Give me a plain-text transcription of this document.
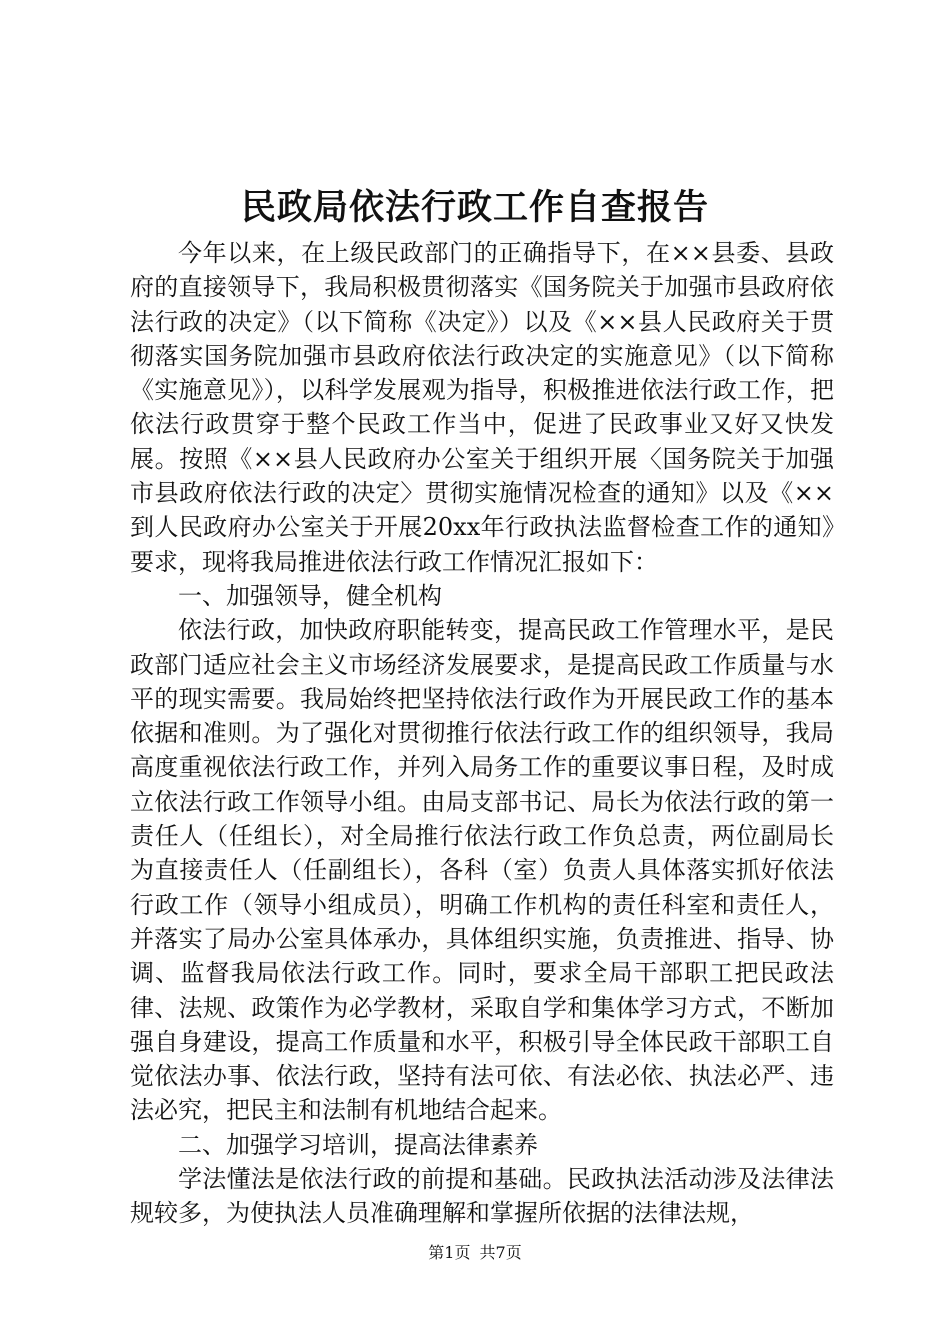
民政局依法行政工作自查报告

今年以来，在上级民政部门的正确指导下，在××县委、县政府的直接领导下，我局积极贯彻落实《国务院关于加强市县政府依法行政的决定》（以下简称《决定》）以及《××县人民政府关于贯彻落实国务院加强市县政府依法行政决定的实施意见》（以下简称《实施意见》），以科学发展观为指导，积极推进依法行政工作，把依法行政贯穿于整个民政工作当中，促进了民政事业又好又快发展。按照《××县人民政府办公室关于组织开展〈国务院关于加强市县政府依法行政的决定〉贯彻实施情况检查的通知》以及《××到人民政府办公室关于开展20xx年行政执法监督检查工作的通知》要求，现将我局推进依法行政工作情况汇报如下：

一、加强领导，健全机构

依法行政，加快政府职能转变，提高民政工作管理水平，是民政部门适应社会主义市场经济发展要求，是提高民政工作质量与水平的现实需要。我局始终把坚持依法行政作为开展民政工作的基本依据和准则。为了强化对贯彻推行依法行政工作的组织领导，我局高度重视依法行政工作，并列入局务工作的重要议事日程，及时成立依法行政工作领导小组。由局支部书记、局长为依法行政的第一责任人（任组长），对全局推行依法行政工作负总责，两位副局长为直接责任人（任副组长），各科（室）负责人具体落实抓好依法行政工作（领导小组成员），明确工作机构的责任科室和责任人，并落实了局办公室具体承办，具体组织实施，负责推进、指导、协调、监督我局依法行政工作。同时，要求全局干部职工把民政法律、法规、政策作为必学教材，采取自学和集体学习方式，不断加强自身建设，提高工作质量和水平，积极引导全体民政干部职工自觉依法办事、依法行政，坚持有法可依、有法必依、执法必严、违法必究，把民主和法制有机地结合起来。

二、加强学习培训，提高法律素养

学法懂法是依法行政的前提和基础。民政执法活动涉及法律法规较多，为使执法人员准确理解和掌握所依据的法律法规，

第1页 共7页
